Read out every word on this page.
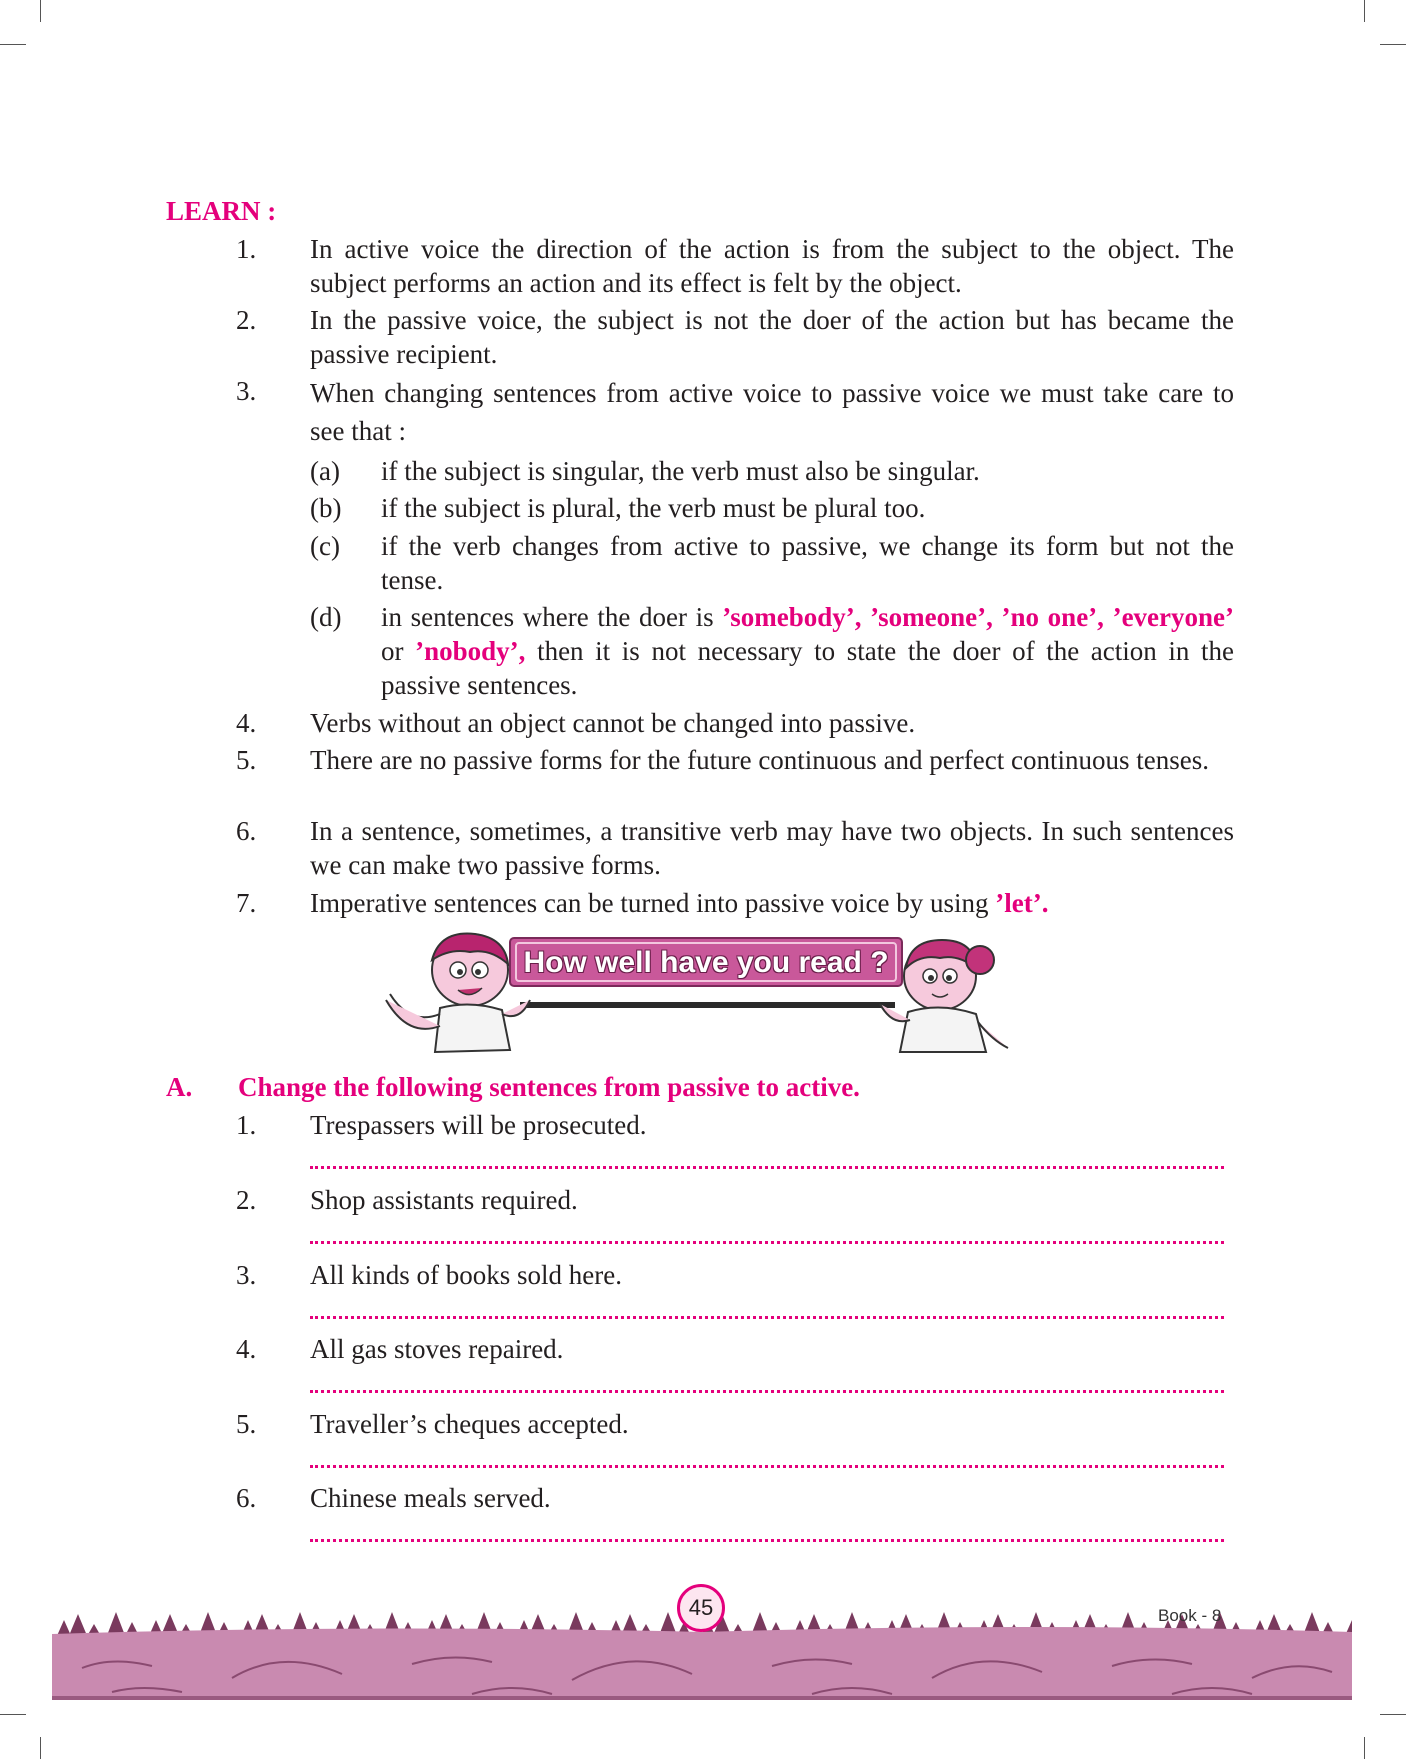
LEARN :
1. In active voice the direction of the action is from the subject to the object. The subject performs an action and its effect is felt by the object.
2. In the passive voice, the subject is not the doer of the action but has became the passive recipient.
3. When changing sentences from active voice to passive voice we must take care to see that :
(a) if the subject is singular, the verb must also be singular.
(b) if the subject is plural, the verb must be plural too.
(c) if the verb changes from active to passive, we change its form but not the tense.
(d) in sentences where the doer is ’somebody’, ’someone’, ’no one’, ’everyone’ or ’nobody’, then it is not necessary to state the doer of the action in the passive sentences.
4. Verbs without an object cannot be changed into passive.
5. There are no passive forms for the future continuous and perfect continuous tenses.
6. In a sentence, sometimes, a transitive verb may have two objects. In such sentences we can make two passive forms.
7. Imperative sentences can be turned into passive voice by using ’let’.
How well have you read ?
A. Change the following sentences from passive to active.
1. Trespassers will be prosecuted.
2. Shop assistants required.
3. All kinds of books sold here.
4. All gas stoves repaired.
5. Traveller’s cheques accepted.
6. Chinese meals served.
45	Book - 8
